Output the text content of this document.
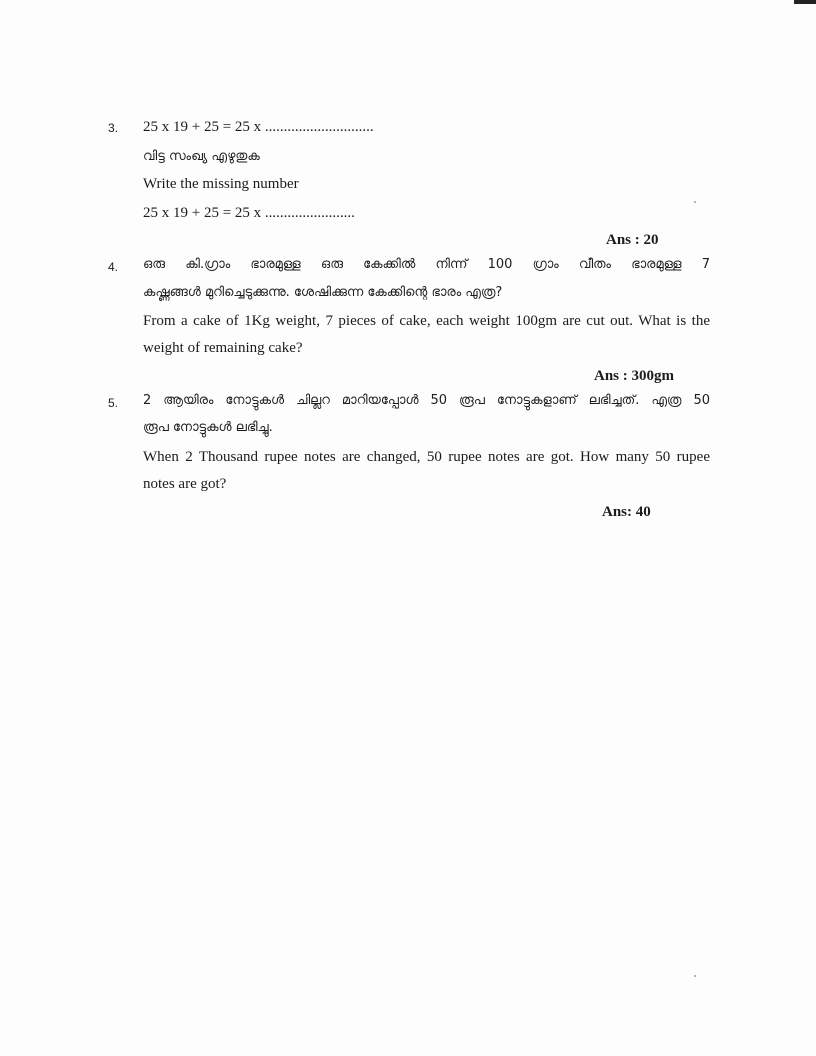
3. 25 x 19 + 25 = 25 x .............................
വിട്ട സംഖ്യ എഴുതുക
Write the missing number
25 x 19 + 25 = 25 x ........................
Ans : 20
4. ഒരു കി.ഗ്രാം ഭാരമുള്ള ഒരു കേക്കിൽ നിന്ന് 100 ഗ്രാം വീതം ഭാരമുള്ള 7
കഷ്ണങ്ങൾ മുറിച്ചെടുക്കുന്നു. ശേഷിക്കുന്ന കേക്കിന്റെ ഭാരം എത്ര?
From a cake of 1Kg weight, 7 pieces of cake, each weight 100gm are cut out. What is the
weight of remaining cake?
Ans : 300gm
5. 2 ആയിരം നോട്ടുകൾ ചില്ലറ മാറിയപ്പോൾ 50 രൂപ നോട്ടുകളാണ് ലഭിച്ചത്. എത്ര 50
രൂപ നോട്ടുകൾ ലഭിച്ചു.
When 2 Thousand rupee notes are changed, 50 rupee notes are got. How many 50 rupee
notes are got?
Ans: 40
